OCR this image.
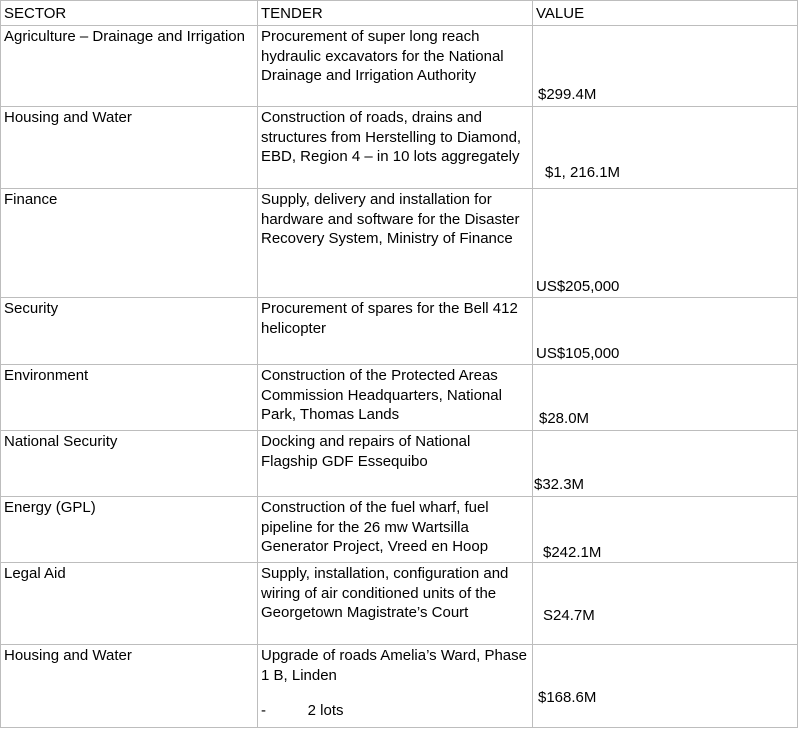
SECTOR	TENDER	VALUE
Agriculture – Drainage and Irrigation	Procurement of super long reach hydraulic excavators for the National Drainage and Irrigation Authority	$299.4M

Housing and Water	Construction of roads, drains and structures from Herstelling to Diamond, EBD, Region 4 – in 10 lots aggregately	$1, 216.1M

Finance	Supply, delivery and installation for hardware and software for the Disaster Recovery System, Ministry of Finance	US$205,000

Security	Procurement of spares for the Bell 412 helicopter	US$105,000

Environment	Construction of the Protected Areas Commission Headquarters, National Park, Thomas Lands	$28.0M

National Security	Docking and repairs of National Flagship GDF Essequibo	$32.3M

Energy (GPL)	Construction of the fuel wharf, fuel pipeline for the 26 mw Wartsilla Generator Project, Vreed en Hoop	$242.1M

Legal Aid	Supply, installation, configuration and wiring of air conditioned units of the Georgetown Magistrate’s Court	S24.7M

Housing and Water	Upgrade of roads Amelia’s Ward, Phase 1 B, Linden
-          2 lots	$168.6M
